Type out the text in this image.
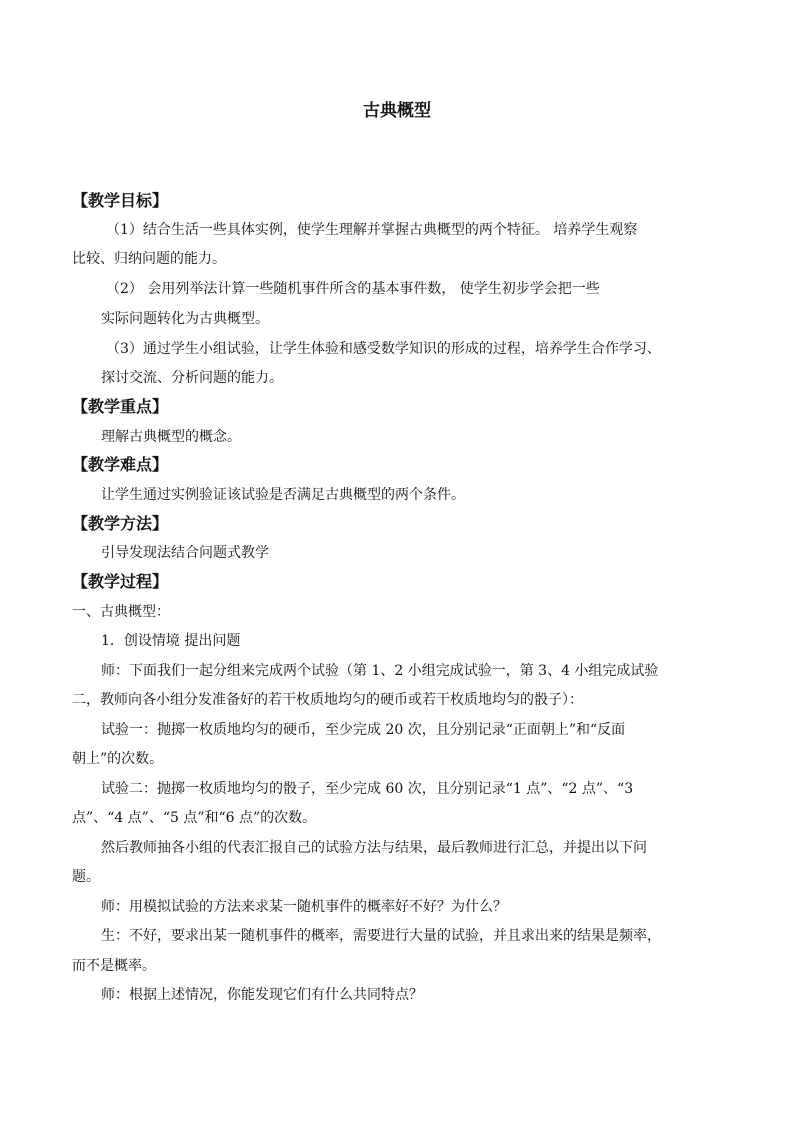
古典概型
【教学目标】
（1）结合生活一些具体实例，使学生理解并掌握古典概型的两个特征。 培养学生观察
比较、归纳问题的能力。
（2） 会用列举法计算一些随机事件所含的基本事件数， 使学生初步学会把一些
实际问题转化为古典概型。
（3）通过学生小组试验，让学生体验和感受数学知识的形成的过程，培养学生合作学习、
探讨交流、分析问题的能力。
【教学重点】
理解古典概型的概念。
【教学难点】
让学生通过实例验证该试验是否满足古典概型的两个条件。
【教学方法】
引导发现法结合问题式教学
【教学过程】
一、古典概型：
1．创设情境 提出问题
师：下面我们一起分组来完成两个试验（第 1、2 小组完成试验一，第 3、4 小组完成试验
二，教师向各小组分发准备好的若干枚质地均匀的硬币或若干枚质地均匀的骰子）：
试验一：抛掷一枚质地均匀的硬币，至少完成 20 次，且分别记录“正面朝上”和“反面
朝上”的次数。
试验二：抛掷一枚质地均匀的骰子，至少完成 60 次，且分别记录“1 点”、“2 点”、“3
点”、“4 点”、“5 点”和“6 点”的次数。
然后教师抽各小组的代表汇报自己的试验方法与结果，最后教师进行汇总，并提出以下问
题。
师：用模拟试验的方法来求某一随机事件的概率好不好？为什么？
生：不好，要求出某一随机事件的概率，需要进行大量的试验，并且求出来的结果是频率，
而不是概率。
师：根据上述情况，你能发现它们有什么共同特点？
